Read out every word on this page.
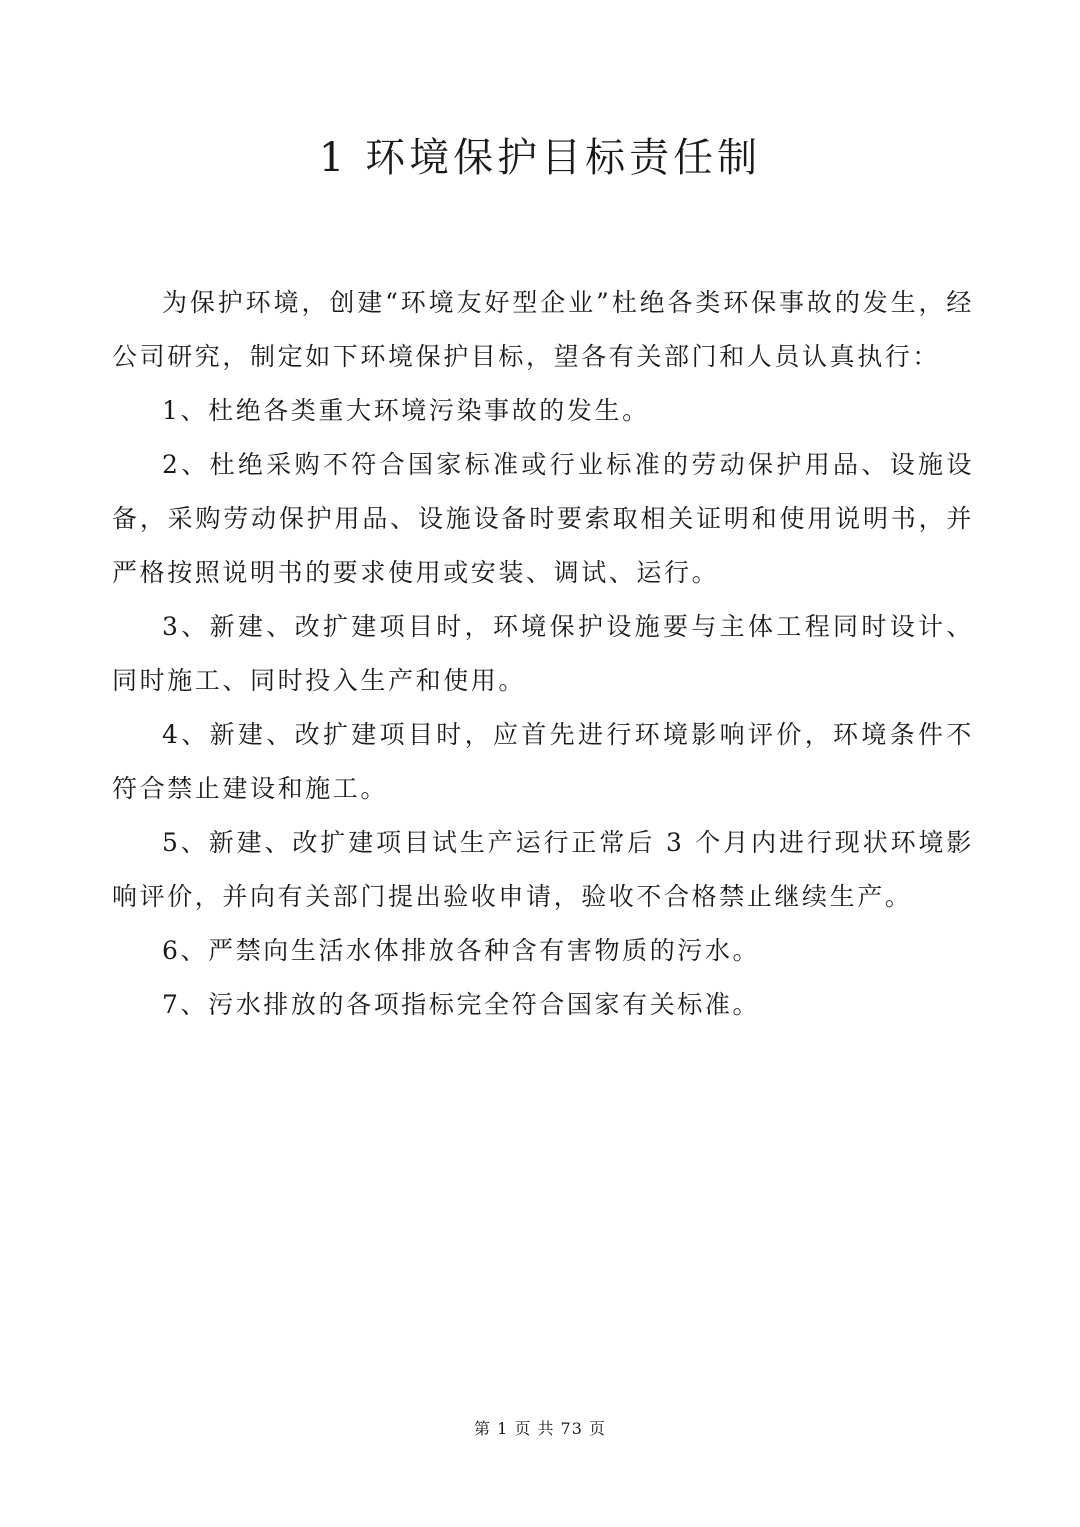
1 环境保护目标责任制

为保护环境，创建“环境友好型企业”杜绝各类环保事故的发生，经公司研究，制定如下环境保护目标，望各有关部门和人员认真执行：

1、杜绝各类重大环境污染事故的发生。

2、杜绝采购不符合国家标准或行业标准的劳动保护用品、设施设备，采购劳动保护用品、设施设备时要索取相关证明和使用说明书，并严格按照说明书的要求使用或安装、调试、运行。

3、新建、改扩建项目时，环境保护设施要与主体工程同时设计、同时施工、同时投入生产和使用。

4、新建、改扩建项目时，应首先进行环境影响评价，环境条件不符合禁止建设和施工。

5、新建、改扩建项目试生产运行正常后 3 个月内进行现状环境影响评价，并向有关部门提出验收申请，验收不合格禁止继续生产。

6、严禁向生活水体排放各种含有害物质的污水。

7、污水排放的各项指标完全符合国家有关标准。

第 1 页 共 73 页
